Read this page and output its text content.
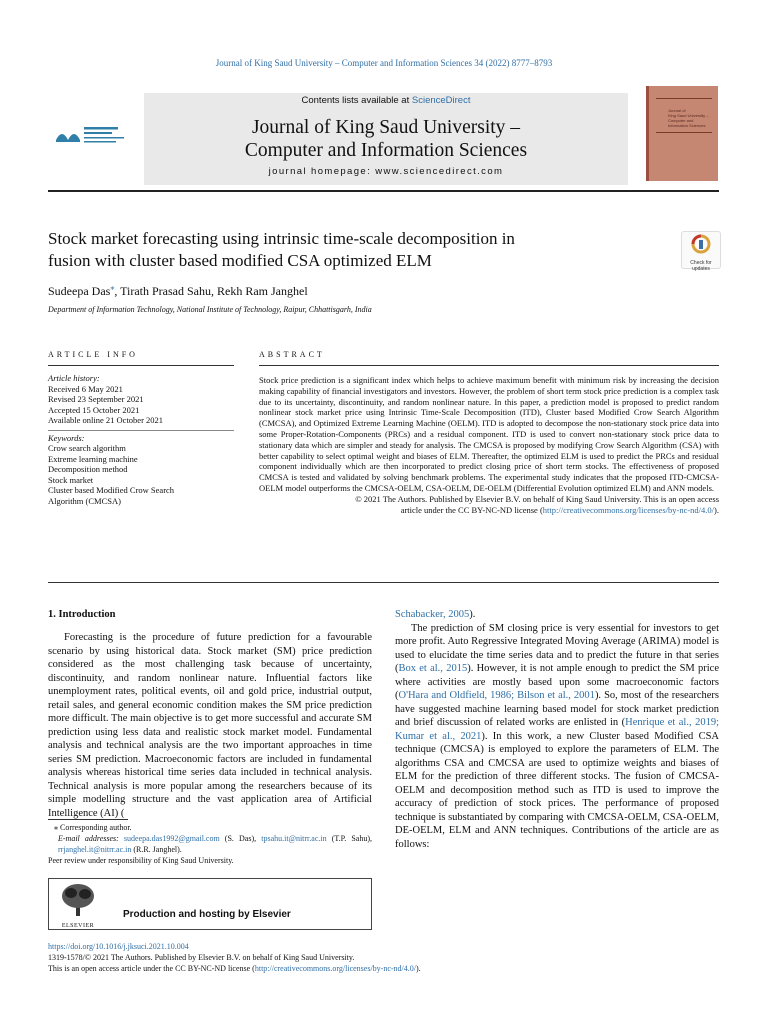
Journal of King Saud University – Computer and Information Sciences 34 (2022) 8777–8793
Contents lists available at ScienceDirect
Journal of King Saud University –
Computer and Information Sciences
journal homepage: www.sciencedirect.com
Journal of
King Saud University –
Computer and
Information Sciences
Stock market forecasting using intrinsic time-scale decomposition in
fusion with cluster based modified CSA optimized ELM	Check for
updates
Sudeepa Das⁎, Tirath Prasad Sahu, Rekh Ram Janghel
Department of Information Technology, National Institute of Technology, Raipur, Chhattisgarh, India
ARTICLE INFO	ABSTRACT
Article history:
Received 6 May 2021
Revised 23 September 2021
Accepted 15 October 2021
Available online 21 October 2021
Keywords:
Crow search algorithm
Extreme learning machine
Decomposition method
Stock market
Cluster based Modified Crow Search
Algorithm (CMCSA)
Stock price prediction is a significant index which helps to achieve maximum benefit with minimum risk by increasing the decision making capability of financial investigators and investors. However, the problem of short term stock price prediction is a complex task due to its uncertainty, discontinuity, and random nonlinear nature. In this paper, a prediction model is proposed to predict random nonlinear stock market price using Intrinsic Time-Scale Decomposition (ITD), Cluster based Modified Crow Search Algorithm (CMCSA), and Optimized Extreme Learning Machine (OELM). ITD is adopted to decompose the non-stationary stock price data into some Proper-Rotation-Components (PRCs) and a residual component. ITD is used to convert non-stationary stock price data to stationary data which are simpler and steady for analysis. The CMCSA is proposed by modifying Crow Search Algorithm (CSA) with better capability to select optimal weight and biases of ELM. Thereafter, the optimized ELM is used to predict the PRCs and residual component individually which are then incorporated to predict closing price of short term stocks. The effectiveness of proposed CMCSA is tested and validated by solving benchmark problems. The experimental study indicates that the proposed ITD-CMCSA-OELM model outperforms the CMCSA-OELM, CSA-OELM, DE-OELM (Differential Evolution optimized ELM) and ANN models.
© 2021 The Authors. Published by Elsevier B.V. on behalf of King Saud University. This is an open access
article under the CC BY-NC-ND license (http://creativecommons.org/licenses/by-nc-nd/4.0/).
1. Introduction
Forecasting is the procedure of future prediction for a favourable scenario by using historical data. Stock market (SM) price prediction considered as the most challenging task because of uncertainty, discontinuity, and random nonlinear nature. Influential factors like unemployment rates, political events, oil and gold price, industrial output, retail sales, and general economic condition makes the SM price prediction more difficult. The main objective is to get more successful and accurate SM prediction using less data and realistic stock market model. Fundamental analysis and technical analysis are the two important approaches in time series SM prediction. Macroeconomic factors are included in fundamental analysis whereas historical time series data included in technical analysis. Technical analysis is more popular among the researchers because of its simple modelling structure and the vast application area of Artificial Intelligence (AI) (
Schabacker, 2005).
The prediction of SM closing price is very essential for investors to get more profit. Auto Regressive Integrated Moving Average (ARIMA) model is used to elucidate the time series data and to predict the future in that series (Box et al., 2015). However, it is not ample enough to predict the SM price where activities are mostly based upon some macroeconomic factors (O'Hara and Oldfield, 1986; Bilson et al., 2001). So, most of the researchers have suggested machine learning based model for stock market prediction and brief discussion of related works are enlisted in (Henrique et al., 2019; Kumar et al., 2021). In this work, a new Cluster based Modified CSA technique (CMCSA) is employed to explore the parameters of ELM. The algorithms CSA and CMCSA are used to optimize weights and biases of ELM for the prediction of three different stocks. The fusion of CMCSA-OELM and decomposition method such as ITD is used to improve the accuracy of prediction of stock prices. The performance of proposed technique is substantiated by comparing with CMCSA-OELM, CSA-OELM, DE-OELM, ELM and ANN techniques. Contributions of the article are as follows:
⁎ Corresponding author.
E-mail addresses: sudeepa.das1992@gmail.com (S. Das), tpsahu.it@nitrr.ac.in (T.P. Sahu), rrjanghel.it@nitrr.ac.in (R.R. Janghel).
Peer review under responsibility of King Saud University.
ELSEVIER
Production and hosting by Elsevier
https://doi.org/10.1016/j.jksuci.2021.10.004
1319-1578/© 2021 The Authors. Published by Elsevier B.V. on behalf of King Saud University.
This is an open access article under the CC BY-NC-ND license (http://creativecommons.org/licenses/by-nc-nd/4.0/).
